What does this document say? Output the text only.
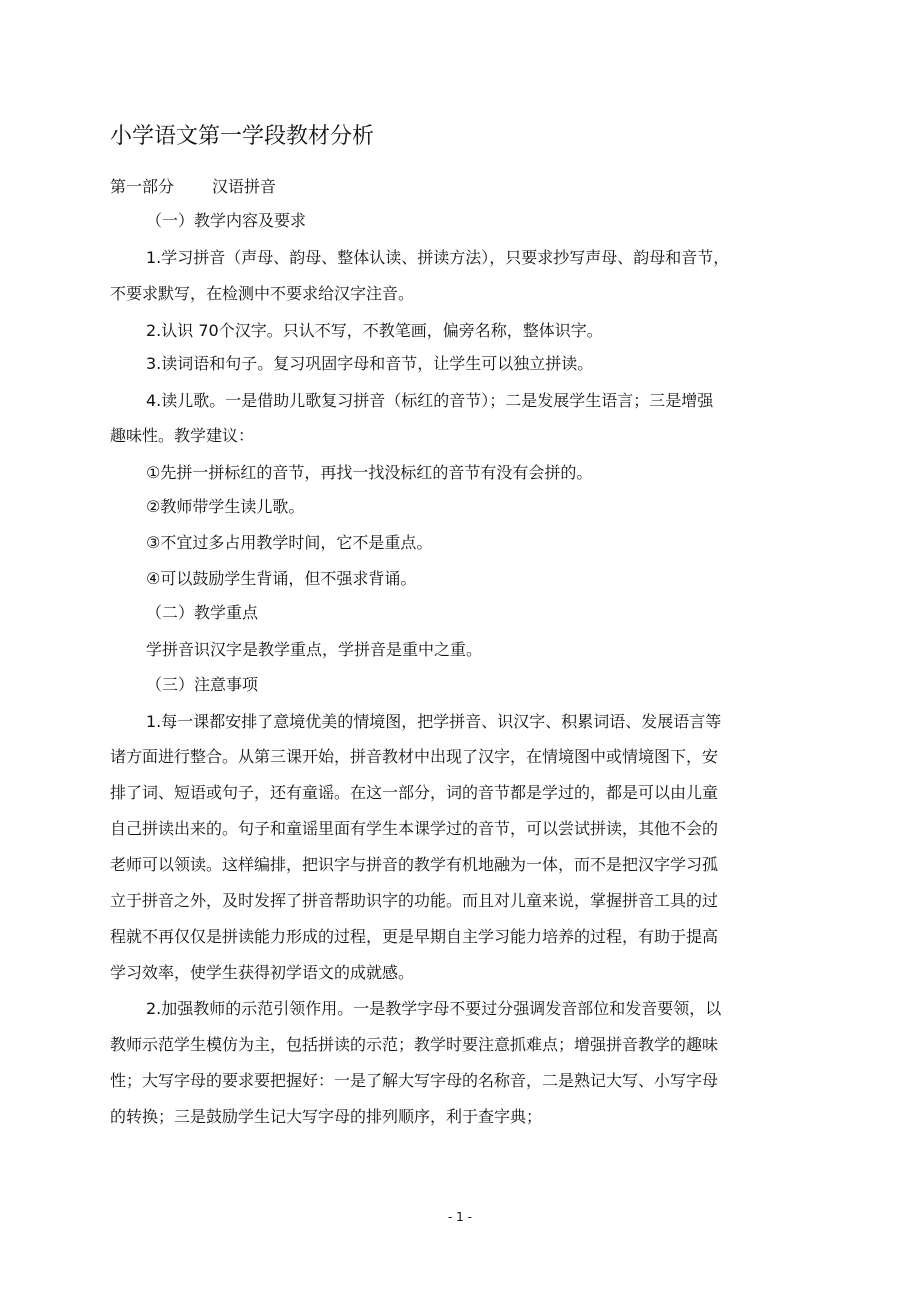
小学语文第一学段教材分析
第一部分 汉语拼音
（一）教学内容及要求
1.学习拼音（声母、韵母、整体认读、拼读方法），只要求抄写声母、韵母和音节，
不要求默写，在检测中不要求给汉字注音。
2.认识 70个汉字。只认不写，不教笔画，偏旁名称，整体识字。
3.读词语和句子。复习巩固字母和音节，让学生可以独立拼读。
4.读儿歌。一是借助儿歌复习拼音（标红的音节）；二是发展学生语言；三是增强
趣味性。教学建议：
①先拼一拼标红的音节，再找一找没标红的音节有没有会拼的。
②教师带学生读儿歌。
③不宜过多占用教学时间，它不是重点。
④可以鼓励学生背诵，但不强求背诵。
（二）教学重点
学拼音识汉字是教学重点，学拼音是重中之重。
（三）注意事项
1.每一课都安排了意境优美的情境图，把学拼音、识汉字、积累词语、发展语言等
诸方面进行整合。从第三课开始，拼音教材中出现了汉字，在情境图中或情境图下，安
排了词、短语或句子，还有童谣。在这一部分，词的音节都是学过的，都是可以由儿童
自己拼读出来的。句子和童谣里面有学生本课学过的音节，可以尝试拼读，其他不会的
老师可以领读。这样编排，把识字与拼音的教学有机地融为一体，而不是把汉字学习孤
立于拼音之外，及时发挥了拼音帮助识字的功能。而且对儿童来说，掌握拼音工具的过
程就不再仅仅是拼读能力形成的过程，更是早期自主学习能力培养的过程，有助于提高
学习效率，使学生获得初学语文的成就感。
2.加强教师的示范引领作用。一是教学字母不要过分强调发音部位和发音要领，以
教师示范学生模仿为主，包括拼读的示范；教学时要注意抓难点；增强拼音教学的趣味
性；大写字母的要求要把握好：一是了解大写字母的名称音，二是熟记大写、小写字母
的转换；三是鼓励学生记大写字母的排列顺序，利于查字典；
- 1 -
